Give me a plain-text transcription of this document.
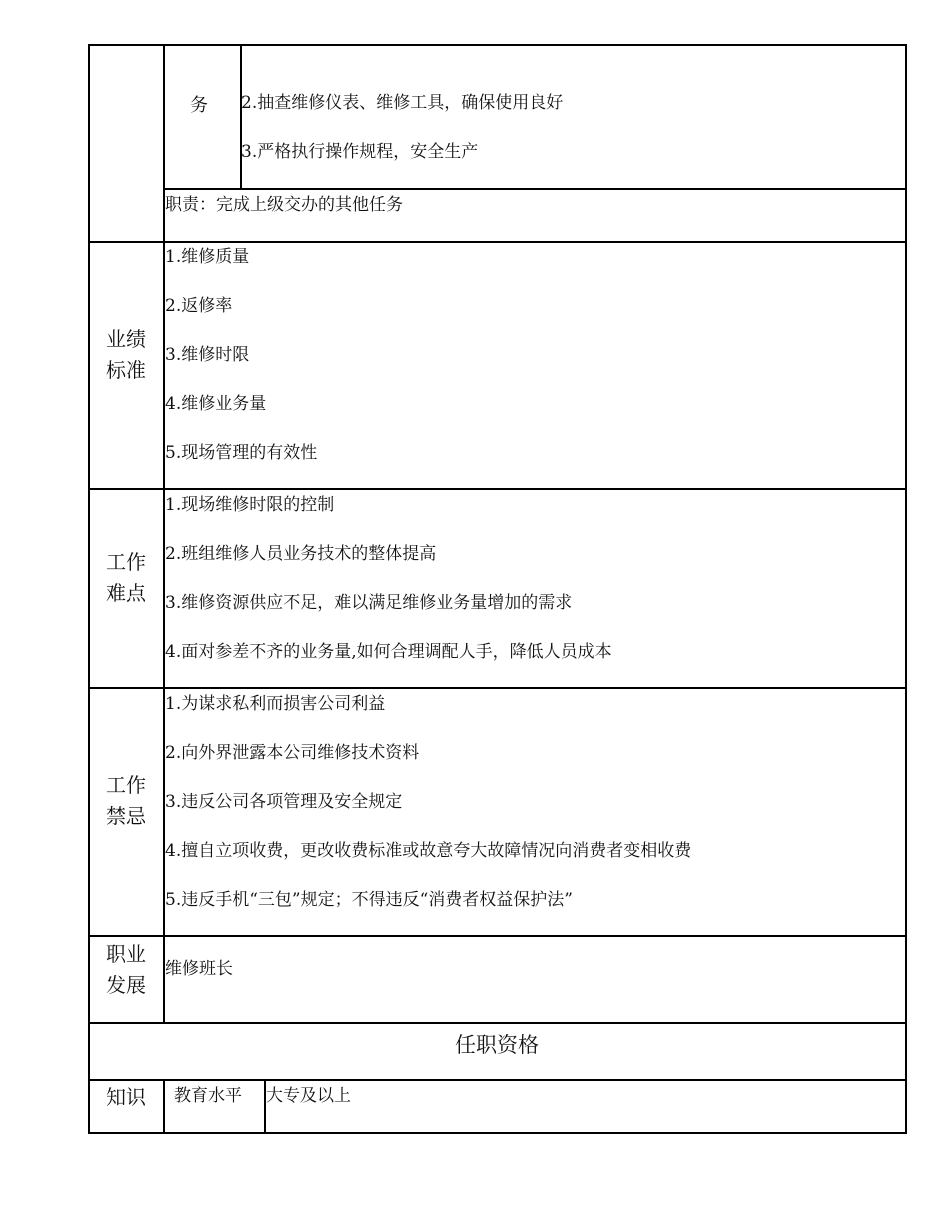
务 2.抽查维修仪表、维修工具，确保使用良好
3.严格执行操作规程，安全生产
职责：完成上级交办的其他任务
业绩
标准
1.维修质量
2.返修率
3.维修时限
4.维修业务量
5.现场管理的有效性
工作
难点
1.现场维修时限的控制
2.班组维修人员业务技术的整体提高
3.维修资源供应不足，难以满足维修业务量增加的需求
4.面对参差不齐的业务量,如何合理调配人手，降低人员成本
工作
禁忌
1.为谋求私利而损害公司利益
2.向外界泄露本公司维修技术资料
3.违反公司各项管理及安全规定
4.擅自立项收费，更改收费标准或故意夸大故障情况向消费者变相收费
5.违反手机“三包”规定；不得违反“消费者权益保护法”
职业
发展
维修班长
任职资格
知识	教育水平 大专及以上
